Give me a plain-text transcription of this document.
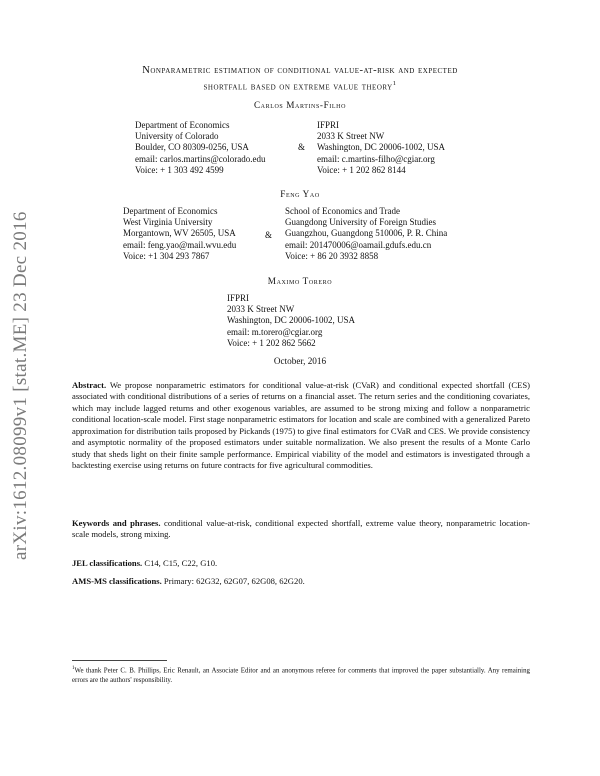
arXiv:1612.08099v1 [stat.ME] 23 Dec 2016
Nonparametric estimation of conditional value-at-risk and expected
shortfall based on extreme value theory$^1$
Carlos Martins-Filho
Department of Economics
University of Colorado
Boulder, CO 80309-0256, USA
email: carlos.martins@colorado.edu
Voice: + 1 303 492 4599
&
IFPRI
2033 K Street NW
Washington, DC 20006-1002, USA
email: c.martins-filho@cgiar.org
Voice: + 1 202 862 8144
Feng Yao
Department of Economics
West Virginia University
Morgantown, WV 26505, USA
email: feng.yao@mail.wvu.edu
Voice: +1 304 293 7867
&
School of Economics and Trade
Guangdong University of Foreign Studies
Guangzhou, Guangdong 510006, P. R. China
email: 201470006@oamail.gdufs.edu.cn
Voice: + 86 20 3932 8858
Maximo Torero
IFPRI
2033 K Street NW
Washington, DC 20006-1002, USA
email: m.torero@cgiar.org
Voice: + 1 202 862 5662
October, 2016
Abstract. We propose nonparametric estimators for conditional value-at-risk (CVaR) and conditional expected shortfall (CES) associated with conditional distributions of a series of returns on a financial asset. The return series and the conditioning covariates, which may include lagged returns and other exogenous variables, are assumed to be strong mixing and follow a nonparametric conditional location-scale model. First stage nonparametric estimators for location and scale are combined with a generalized Pareto approximation for distribution tails proposed by Pickands (1975) to give final estimators for CVaR and CES. We provide consistency and asymptotic normality of the proposed estimators under suitable normalization. We also present the results of a Monte Carlo study that sheds light on their finite sample performance. Empirical viability of the model and estimators is investigated through a backtesting exercise using returns on future contracts for five agricultural commodities.
Keywords and phrases. conditional value-at-risk, conditional expected shortfall, extreme value theory, nonparametric location-scale models, strong mixing.
JEL classifications. C14, C15, C22, G10.
AMS-MS classifications. Primary: 62G32, 62G07, 62G08, 62G20.
$^1$We thank Peter C. B. Phillips, Eric Renault, an Associate Editor and an anonymous referee for comments that improved the paper substantially. Any remaining errors are the authors' responsibility.
